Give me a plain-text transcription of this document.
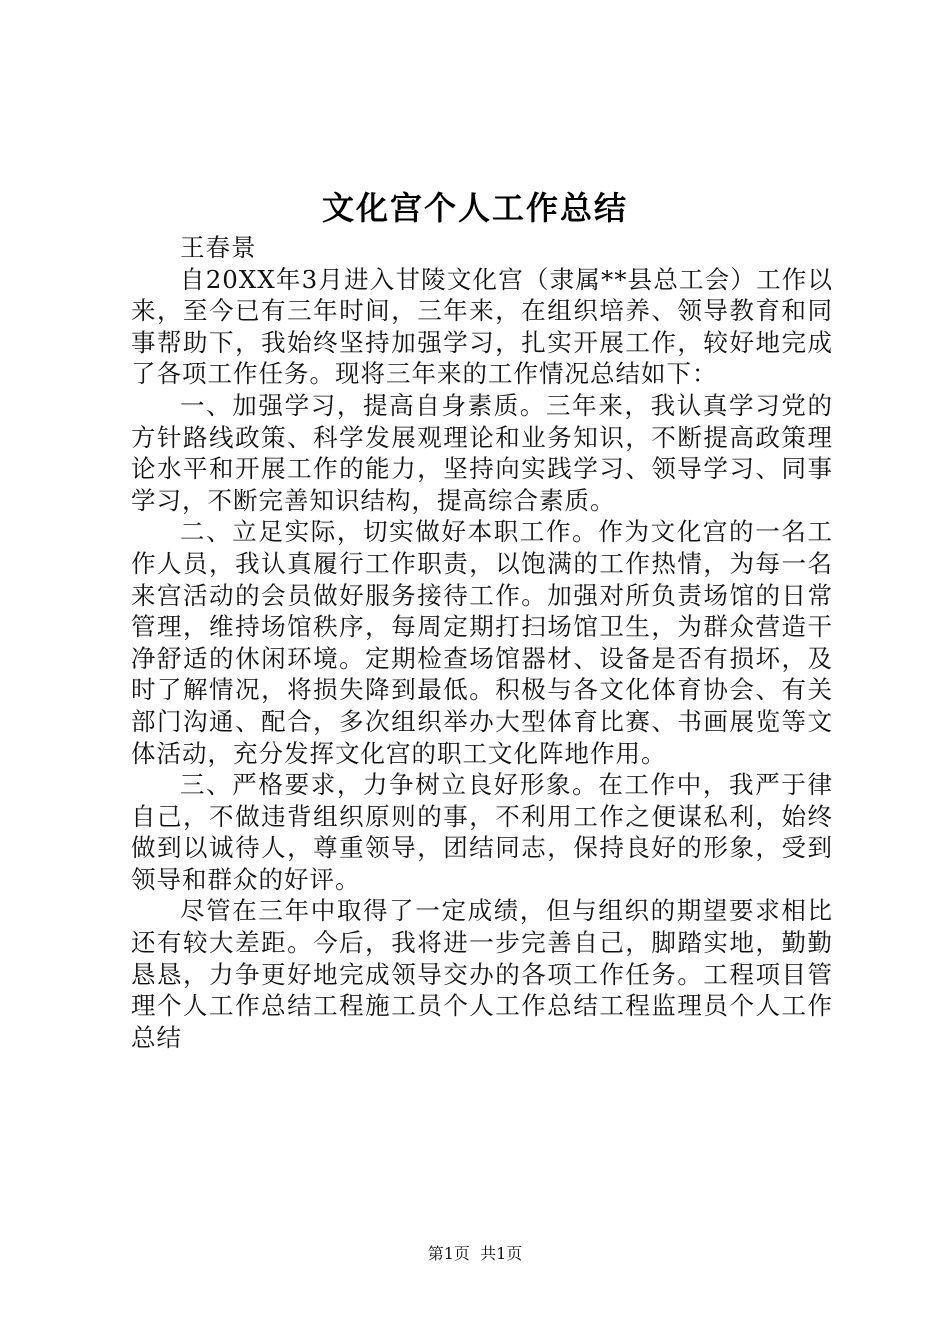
文化宫个人工作总结

王春景

自20XX年3月进入甘陵文化宫（隶属**县总工会）工作以来，至今已有三年时间，三年来，在组织培养、领导教育和同事帮助下，我始终坚持加强学习，扎实开展工作，较好地完成了各项工作任务。现将三年来的工作情况总结如下：

一、加强学习，提高自身素质。三年来，我认真学习党的方针路线政策、科学发展观理论和业务知识，不断提高政策理论水平和开展工作的能力，坚持向实践学习、领导学习、同事学习，不断完善知识结构，提高综合素质。

二、立足实际，切实做好本职工作。作为文化宫的一名工作人员，我认真履行工作职责，以饱满的工作热情，为每一名来宫活动的会员做好服务接待工作。加强对所负责场馆的日常管理，维持场馆秩序，每周定期打扫场馆卫生，为群众营造干净舒适的休闲环境。定期检查场馆器材、设备是否有损坏，及时了解情况，将损失降到最低。积极与各文化体育协会、有关部门沟通、配合，多次组织举办大型体育比赛、书画展览等文体活动，充分发挥文化宫的职工文化阵地作用。

三、严格要求，力争树立良好形象。在工作中，我严于律自己，不做违背组织原则的事，不利用工作之便谋私利，始终做到以诚待人，尊重领导，团结同志，保持良好的形象，受到领导和群众的好评。

尽管在三年中取得了一定成绩，但与组织的期望要求相比还有较大差距。今后，我将进一步完善自己，脚踏实地，勤勤恳恳，力争更好地完成领导交办的各项工作任务。工程项目管理个人工作总结工程施工员个人工作总结工程监理员个人工作总结

第1页 共1页
